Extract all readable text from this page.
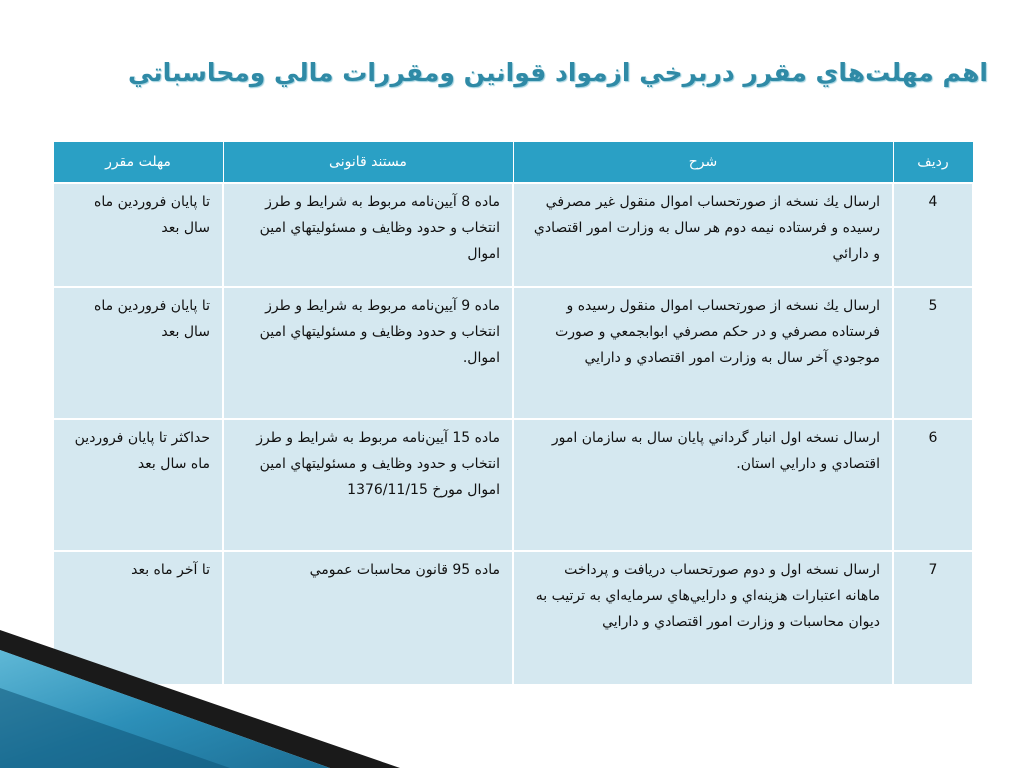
اهم مهلت‌هاي مقرر دربرخي ازمواد قوانين ومقررات مالي ومحاسباتي
رديف	شرح	مستند قانونی	مهلت مقرر
4	ارسال يك نسخه از صورتحساب اموال منقول غير مصرفي رسيده و فرستاده نيمه دوم هر سال به وزارت امور اقتصادي و دارائي	ماده 8 آيين‌نامه مربوط به شرايط و طرز انتخاب و حدود وظايف و مسئوليتهاي امين اموال	تا پايان فروردين ماه سال بعد
5	ارسال يك نسخه از صورتحساب اموال منقول رسيده و فرستاده مصرفي و در حكم مصرفي ابوابجمعي و صورت موجودي آخر سال به وزارت امور اقتصادي و دارايي	ماده 9 آيين‌نامه مربوط به شرايط و طرز انتخاب و حدود وظايف و مسئوليتهاي امين اموال.	تا پايان فروردين ماه سال بعد
6	ارسال نسخه اول انبار گرداني پايان سال به سازمان امور اقتصادي و دارايي استان.	ماده 15 آيين‌نامه مربوط به شرايط و طرز انتخاب و حدود وظايف و مسئوليتهاي امين اموال مورخ 1376/11/15	حداكثر تا پايان فروردين ماه سال بعد
7	ارسال نسخه اول و دوم صورتحساب دريافت و پرداخت ماهانه اعتبارات هزينه‌اي و دارايي‌هاي سرمايه‌اي به ترتيب به ديوان محاسبات و وزارت امور اقتصادي و دارايي	ماده 95 قانون محاسبات عمومي	تا آخر ماه بعد
